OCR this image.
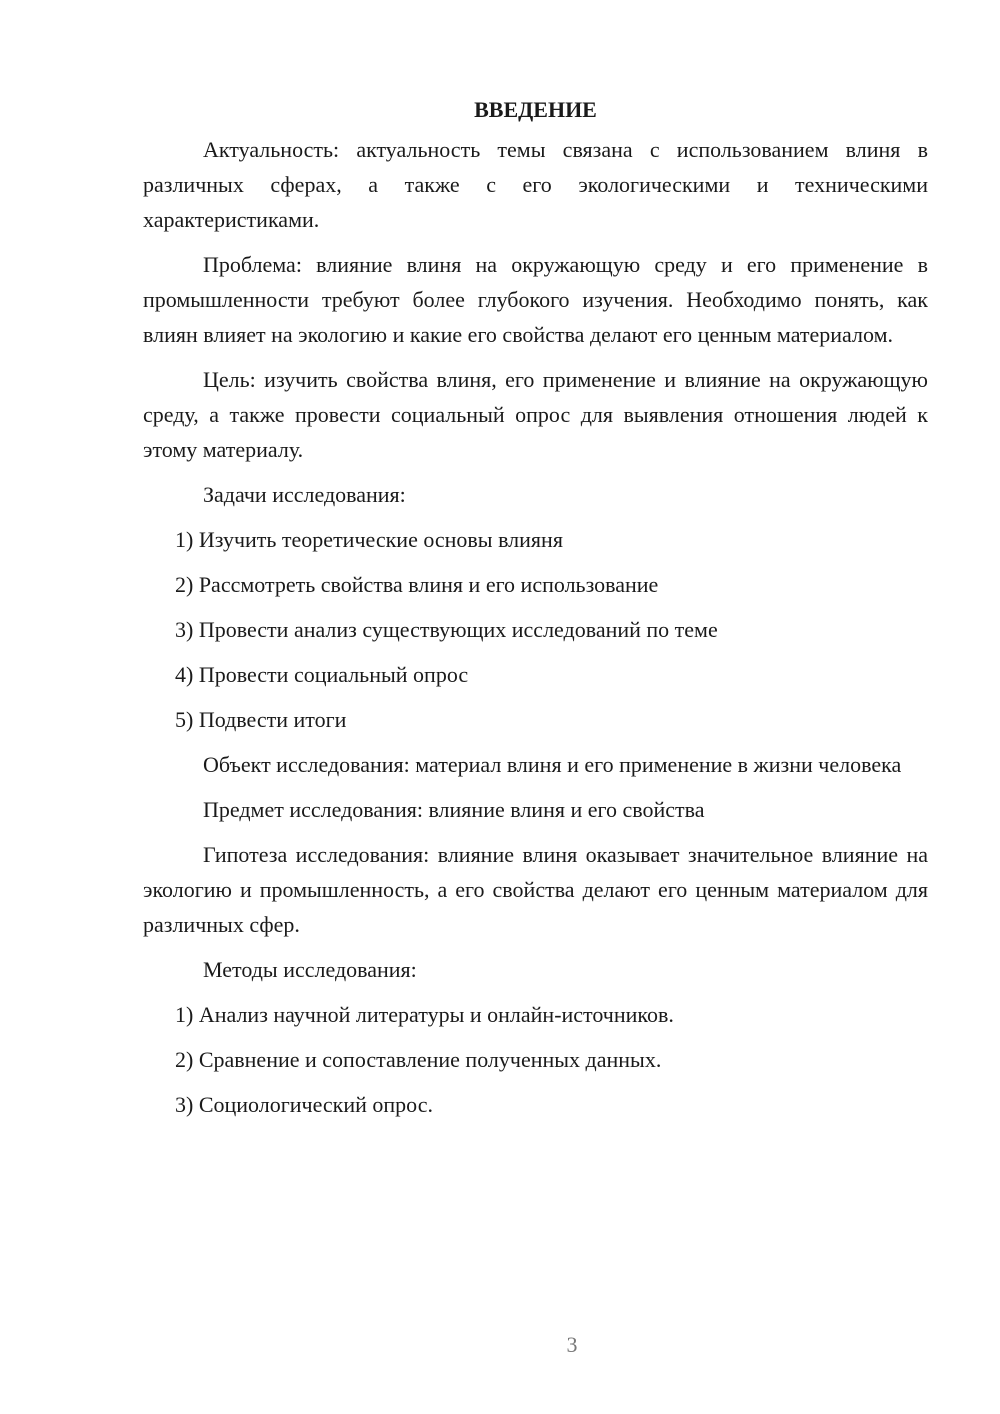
ВВЕДЕНИЕ

Актуальность: актуальность темы связана с использованием влиня в различных сферах, а также с его экологическими и техническими характеристиками.

Проблема: влияние влиня на окружающую среду и его применение в промышленности требуют более глубокого изучения. Необходимо понять, как влиян влияет на экологию и какие его свойства делают его ценным материалом.

Цель: изучить свойства влиня, его применение и влияние на окружающую среду, а также провести социальный опрос для выявления отношения людей к этому материалу.

Задачи исследования:

1) Изучить теоретические основы влияня

2) Рассмотреть свойства влиня и его использование

3) Провести анализ существующих исследований по теме

4) Провести социальный опрос

5) Подвести итоги

Объект исследования: материал влиня и его применение в жизни человека

Предмет исследования: влияние влиня и его свойства

Гипотеза исследования: влияние влиня оказывает значительное влияние на экологию и промышленность, а его свойства делают его ценным материалом для различных сфер.

Методы исследования:

1) Анализ научной литературы и онлайн-источников.

2) Сравнение и сопоставление полученных данных.

3) Социологический опрос.

3
